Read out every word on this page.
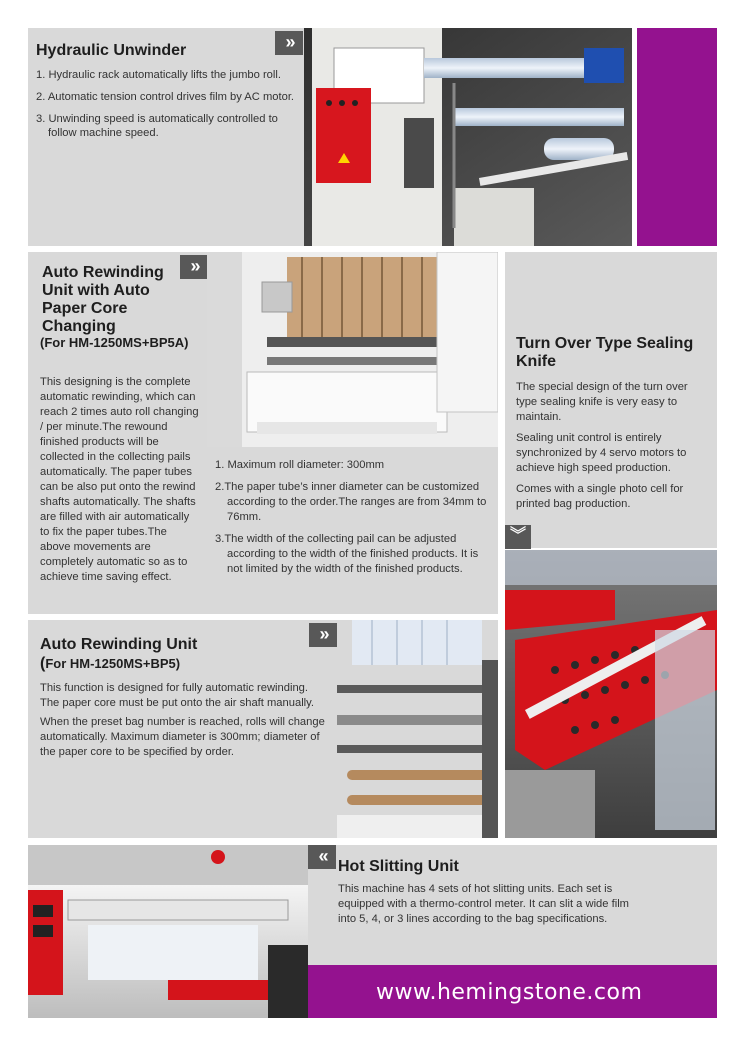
Hydraulic Unwinder	»
1. Hydraulic rack automatically lifts the jumbo roll.
2. Automatic tension control drives film by AC motor.
3. Unwinding speed is automatically controlled to
follow machine speed.
Auto Rewinding Unit with Auto Paper Core Changing
(For HM-1250MS+BP5A)
»
This designing is the complete automatic rewinding, which can reach 2 times auto roll changing / per minute.The rewound finished products will be collected in the collecting pails automatically. The paper tubes can be also put onto the rewind shafts automatically. The shafts are filled with air automatically to fix the paper tubes.The above movements are completely automatic so as to achieve time saving effect.
1. Maximum roll diameter: 300mm
2.The paper tube’s inner diameter can be customized according to the order.The ranges are from 34mm to 76mm.
3.The width of the collecting pail can be adjusted according to the width of the finished products. It is not limited by the width of the finished products.
Turn Over Type Sealing Knife
The special design of the turn over type sealing knife is very easy to maintain.
Sealing unit control is entirely synchronized by 4 servo motors to achieve high speed production.
Comes with a single photo cell for printed bag production.
︾
Auto Rewinding Unit
(For HM-1250MS+BP5)
»
This function is designed for fully automatic rewinding. The paper core must be put onto the air shaft manually.
When the preset bag number is reached, rolls will change automatically. Maximum diameter is 300mm; diameter of the paper core to be specified by order.
«
Hot Slitting Unit
This machine has 4 sets of hot slitting units. Each set is equipped with a thermo-control meter. It can slit a wide film into 5, 4, or 3 lines according to the bag specifications.
www.hemingstone.com
